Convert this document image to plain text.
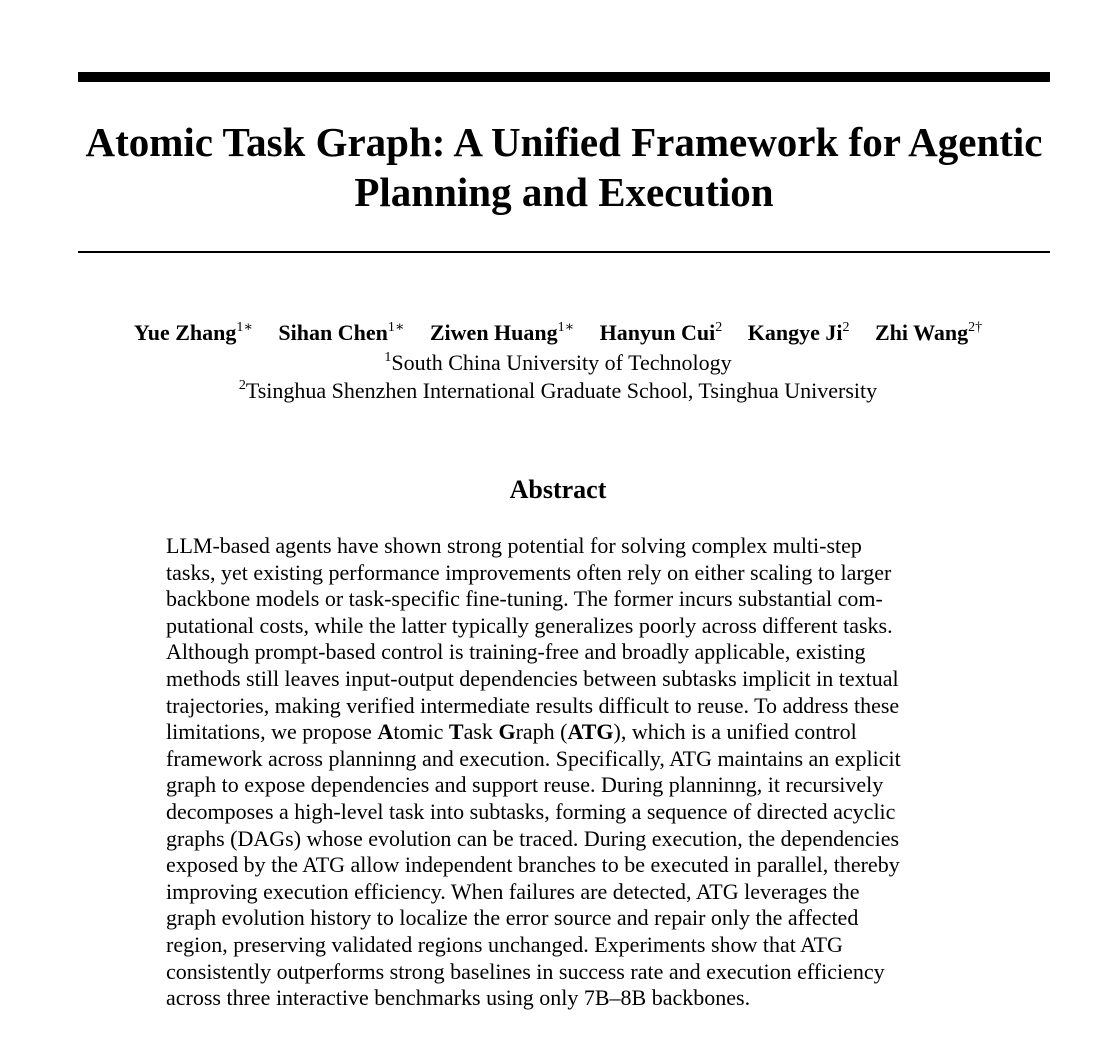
Atomic Task Graph: A Unified Framework for Agentic
Planning and Execution
Yue Zhang$^{1∗}$ Sihan Chen$^{1∗}$ Ziwen Huang$^{1∗}$ Hanyun Cui$^2$ Kangye Ji$^2$ Zhi Wang$^{2\dagger}$
$^1$South China University of Technology
$^2$Tsinghua Shenzhen International Graduate School, Tsinghua University
Abstract
LLM-based agents have shown strong potential for solving complex multi-step
tasks, yet existing performance improvements often rely on either scaling to larger
backbone models or task-specific fine-tuning. The former incurs substantial com-
putational costs, while the latter typically generalizes poorly across different tasks.
Although prompt-based control is training-free and broadly applicable, existing
methods still leaves input-output dependencies between subtasks implicit in textual
trajectories, making verified intermediate results difficult to reuse. To address these
limitations, we propose Atomic Task Graph (ATG), which is a unified control
framework across planninng and execution. Specifically, ATG maintains an explicit
graph to expose dependencies and support reuse. During planninng, it recursively
decomposes a high-level task into subtasks, forming a sequence of directed acyclic
graphs (DAGs) whose evolution can be traced. During execution, the dependencies
exposed by the ATG allow independent branches to be executed in parallel, thereby
improving execution efficiency. When failures are detected, ATG leverages the
graph evolution history to localize the error source and repair only the affected
region, preserving validated regions unchanged. Experiments show that ATG
consistently outperforms strong baselines in success rate and execution efficiency
across three interactive benchmarks using only 7B–8B backbones.
